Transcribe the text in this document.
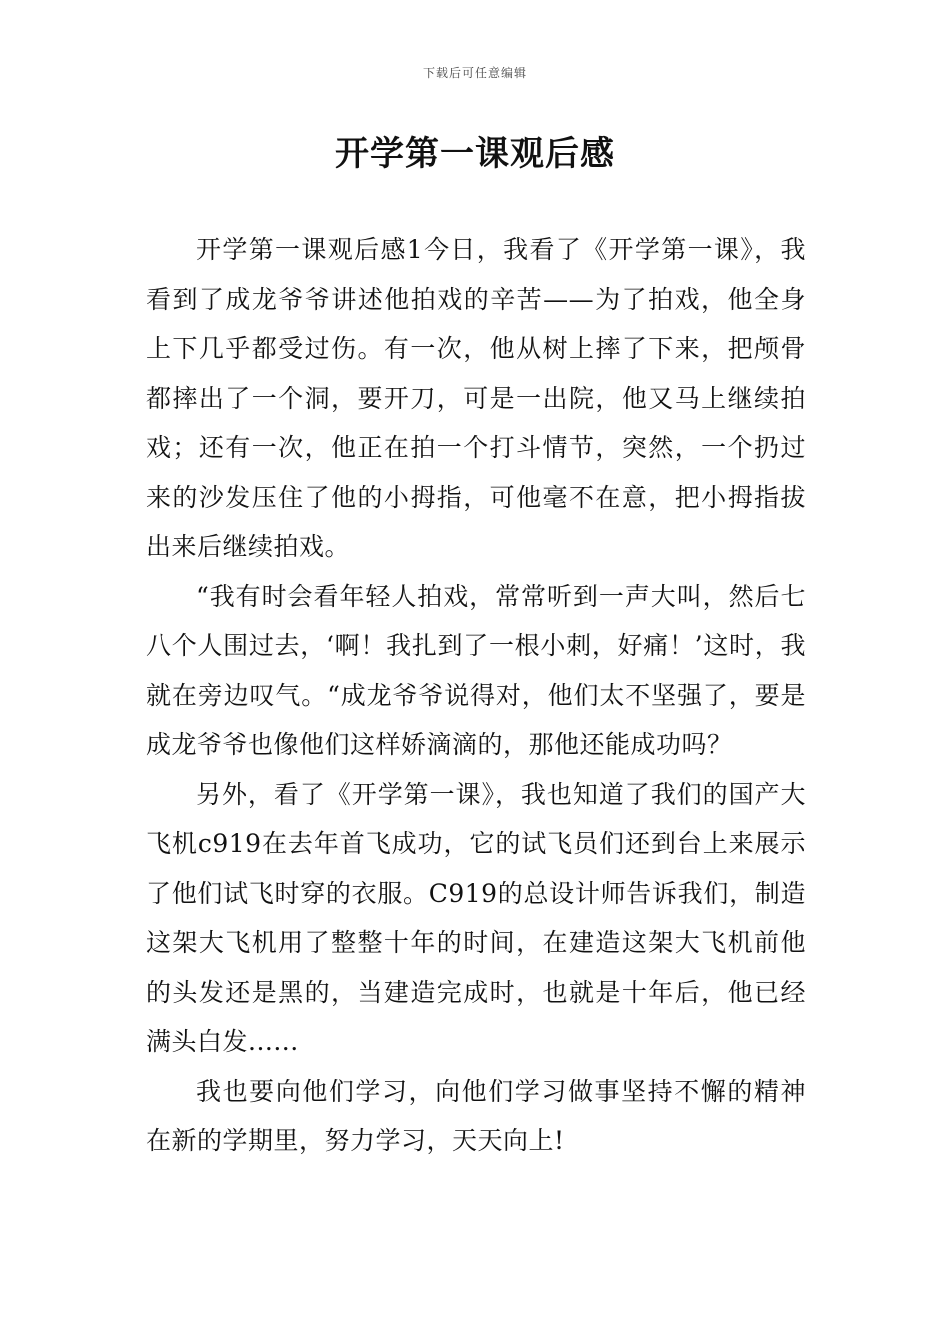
下载后可任意编辑
开学第一课观后感

开学第一课观后感1今日，我看了《开学第一课》，我看到了成龙爷爷讲述他拍戏的辛苦——为了拍戏，他全身上下几乎都受过伤。有一次，他从树上摔了下来，把颅骨都摔出了一个洞，要开刀，可是一出院，他又马上继续拍戏；还有一次，他正在拍一个打斗情节，突然，一个扔过来的沙发压住了他的小拇指，可他毫不在意，把小拇指拔出来后继续拍戏。

“我有时会看年轻人拍戏，常常听到一声大叫，然后七八个人围过去，‘啊！我扎到了一根小刺，好痛！’这时，我就在旁边叹气。“成龙爷爷说得对，他们太不坚强了，要是成龙爷爷也像他们这样娇滴滴的，那他还能成功吗？

另外，看了《开学第一课》，我也知道了我们的国产大飞机c919在去年首飞成功，它的试飞员们还到台上来展示了他们试飞时穿的衣服。C919的总设计师告诉我们，制造这架大飞机用了整整十年的时间，在建造这架大飞机前他的头发还是黑的，当建造完成时，也就是十年后，他已经满头白发......

我也要向他们学习，向他们学习做事坚持不懈的精神在新的学期里，努力学习，天天向上!
